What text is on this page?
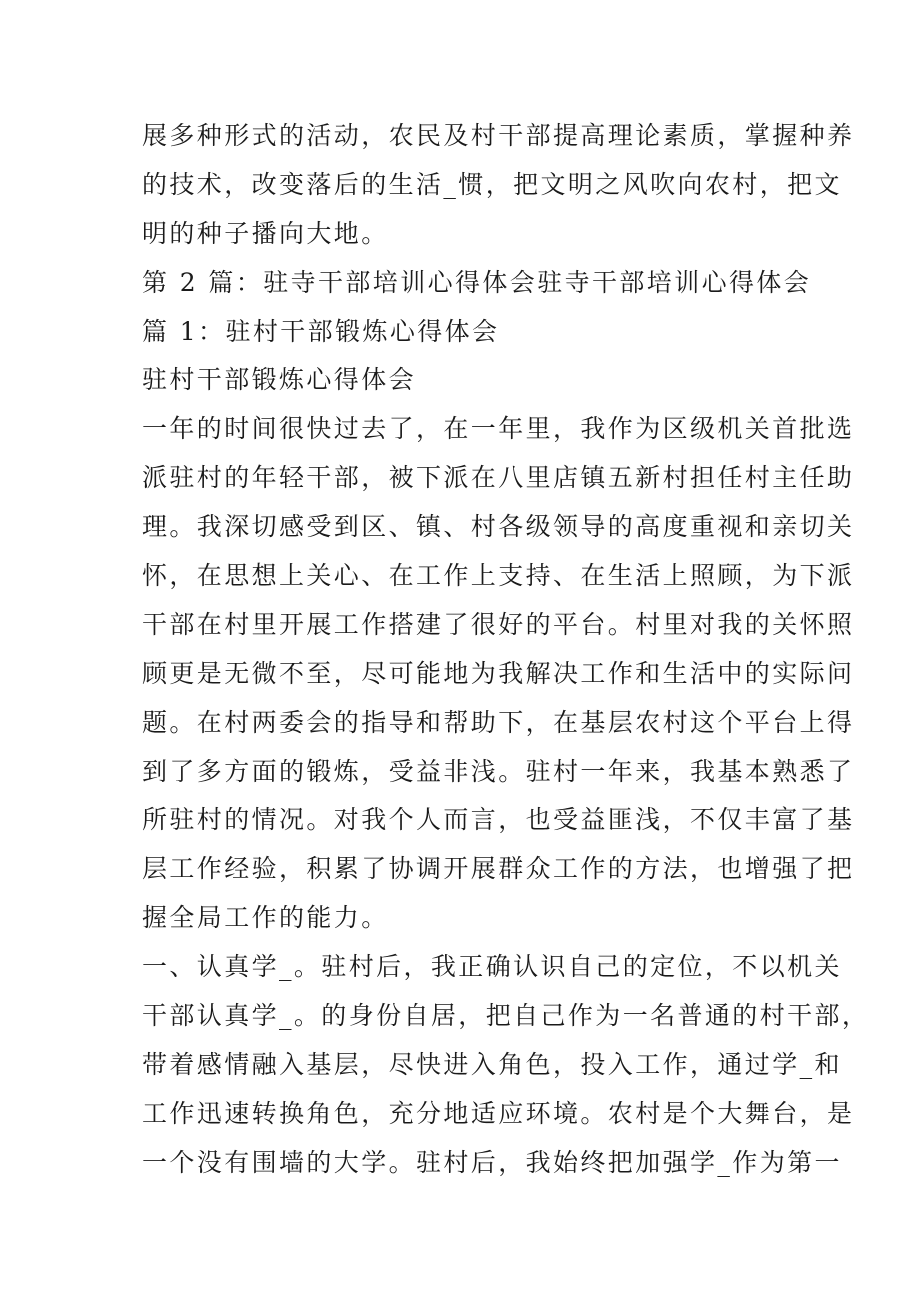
展多种形式的活动，农民及村干部提高理论素质，掌握种养
的技术，改变落后的生活_惯，把文明之风吹向农村，把文
明的种子播向大地。
第 2 篇：驻寺干部培训心得体会驻寺干部培训心得体会
篇 1：驻村干部锻炼心得体会
驻村干部锻炼心得体会
一年的时间很快过去了，在一年里，我作为区级机关首批选
派驻村的年轻干部，被下派在八里店镇五新村担任村主任助
理。我深切感受到区、镇、村各级领导的高度重视和亲切关
怀，在思想上关心、在工作上支持、在生活上照顾，为下派
干部在村里开展工作搭建了很好的平台。村里对我的关怀照
顾更是无微不至，尽可能地为我解决工作和生活中的实际问
题。在村两委会的指导和帮助下，在基层农村这个平台上得
到了多方面的锻炼，受益非浅。驻村一年来，我基本熟悉了
所驻村的情况。对我个人而言，也受益匪浅，不仅丰富了基
层工作经验，积累了协调开展群众工作的方法，也增强了把
握全局工作的能力。
一、认真学_。驻村后，我正确认识自己的定位，不以机关
干部认真学_。的身份自居，把自己作为一名普通的村干部，
带着感情融入基层，尽快进入角色，投入工作，通过学_和
工作迅速转换角色，充分地适应环境。农村是个大舞台，是
一个没有围墙的大学。驻村后，我始终把加强学_作为第一
